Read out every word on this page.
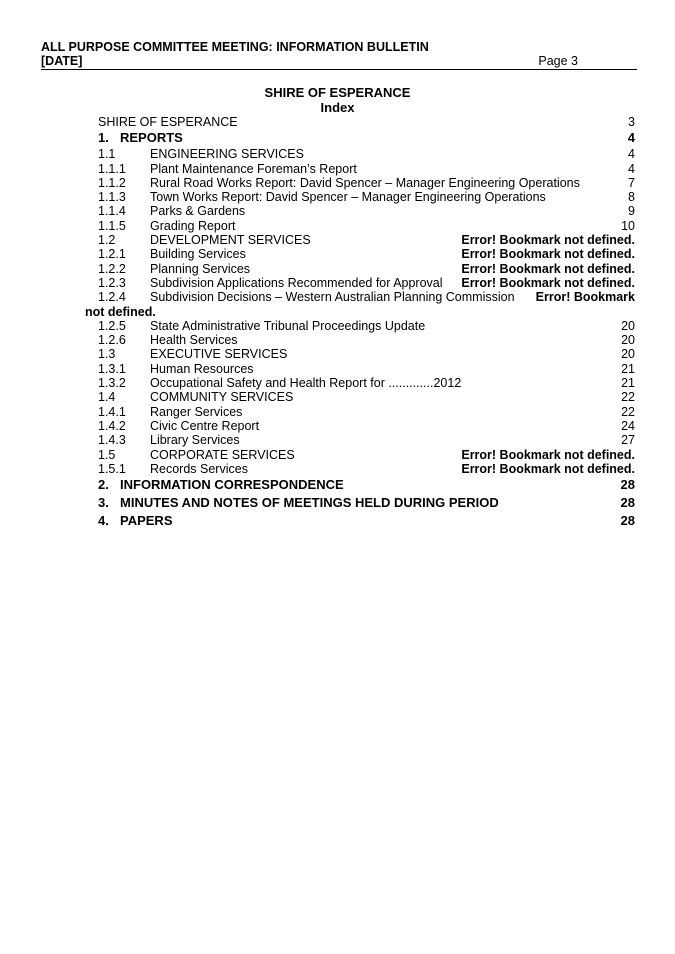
ALL PURPOSE COMMITTEE MEETING: INFORMATION BULLETIN
[DATE]	Page 3
SHIRE OF ESPERANCE
Index
SHIRE OF ESPERANCE	3
1. REPORTS	4
1.1	ENGINEERING SERVICES	4
1.1.1 Plant Maintenance Foreman’s Report	4
1.1.2 Rural Road Works Report: David Spencer – Manager Engineering Operations	7
1.1.3 Town Works Report: David Spencer – Manager Engineering Operations	8
1.1.4 Parks & Gardens	9
1.1.5 Grading Report	10
1.2	DEVELOPMENT SERVICES	Error! Bookmark not defined.
1.2.1 Building Services	Error! Bookmark not defined.
1.2.2 Planning Services	Error! Bookmark not defined.
1.2.3 Subdivision Applications Recommended for Approval Error! Bookmark not defined.
1.2.4 Subdivision Decisions – Western Australian Planning Commission Error! Bookmark
not defined.
1.2.5 State Administrative Tribunal Proceedings Update	20
1.2.6 Health Services	20
1.3	EXECUTIVE SERVICES	20
1.3.1 Human Resources	21
1.3.2 Occupational Safety and Health Report for .............2012	21
1.4	COMMUNITY SERVICES	22
1.4.1 Ranger Services	22
1.4.2 Civic Centre Report	24
1.4.3 Library Services	27
1.5	CORPORATE SERVICES	Error! Bookmark not defined.
1.5.1 Records Services	Error! Bookmark not defined.
2. INFORMATION CORRESPONDENCE	28
3. MINUTES AND NOTES OF MEETINGS HELD DURING PERIOD	28
4. PAPERS	28
